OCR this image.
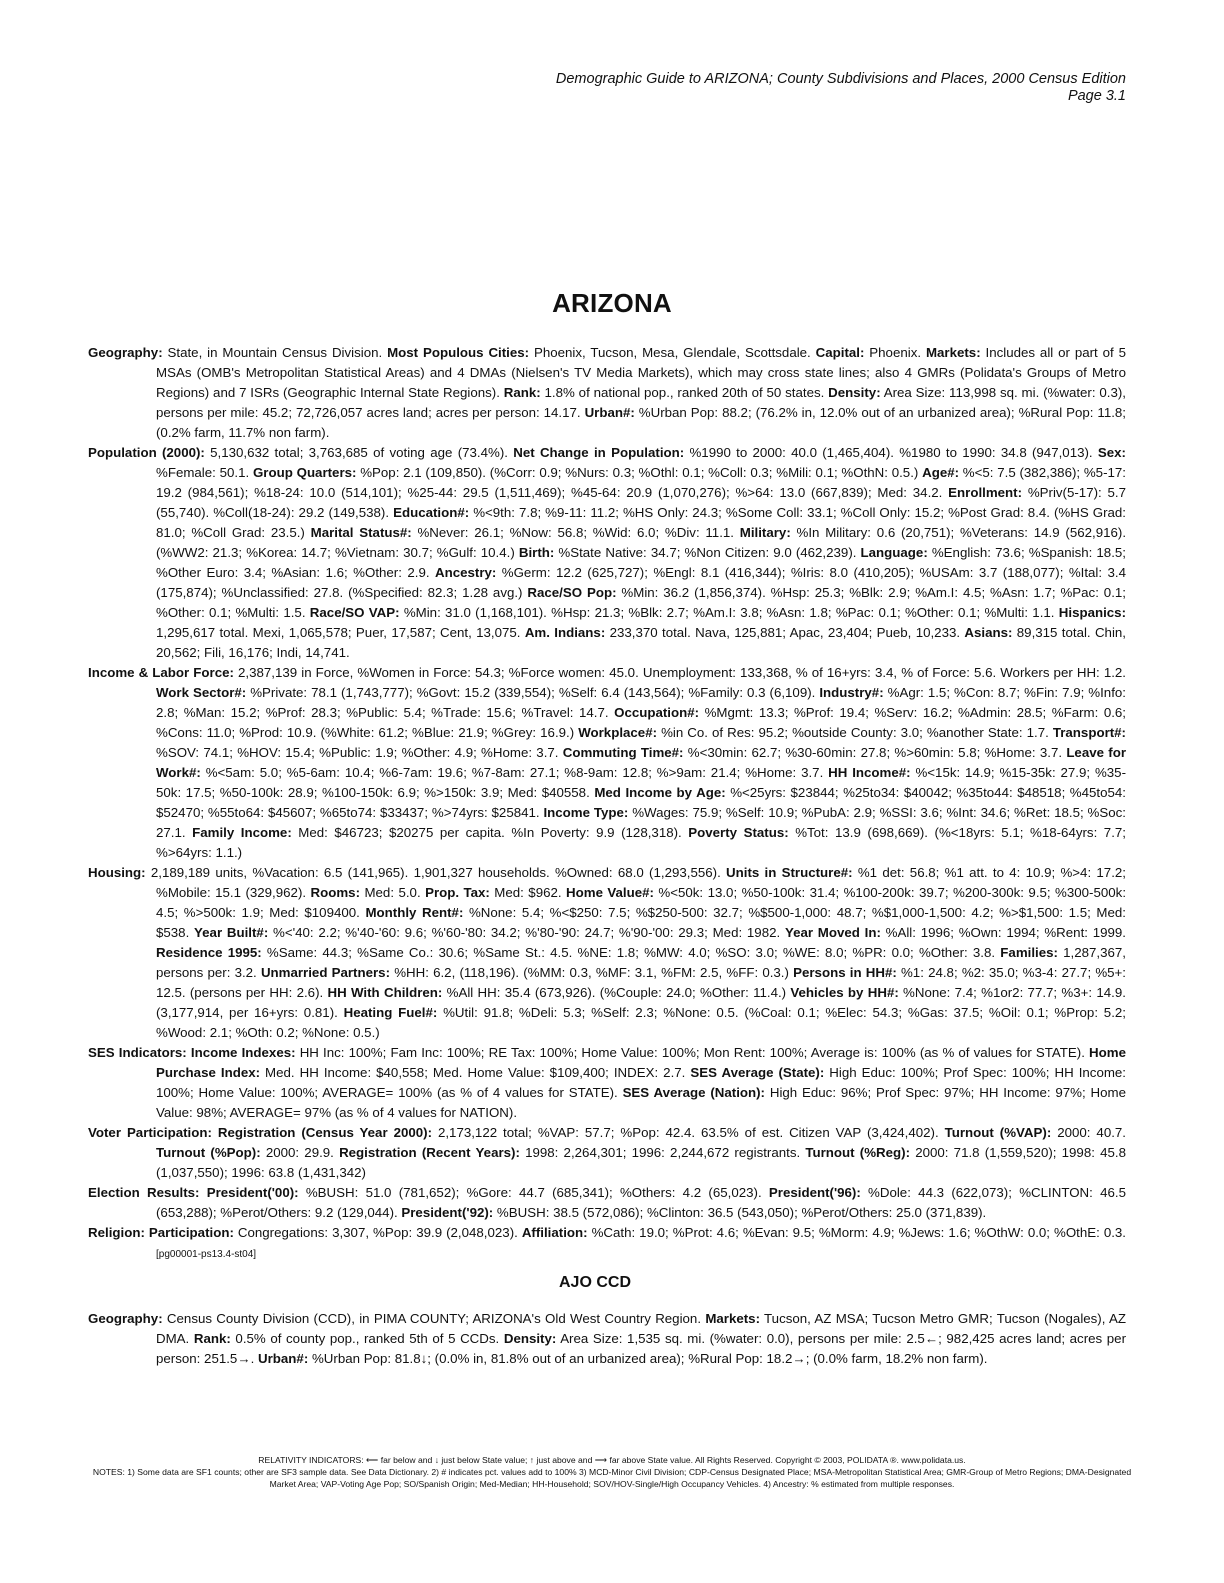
Demographic Guide to ARIZONA; County Subdivisions and Places, 2000 Census Edition
Page 3.1
ARIZONA

Geography: State, in Mountain Census Division. Most Populous Cities: Phoenix, Tucson, Mesa, Glendale, Scottsdale. Capital: Phoenix. Markets: Includes all or part of 5 MSAs (OMB's Metropolitan Statistical Areas) and 4 DMAs (Nielsen's TV Media Markets), which may cross state lines; also 4 GMRs (Polidata's Groups of Metro Regions) and 7 ISRs (Geographic Internal State Regions). Rank: 1.8% of national pop., ranked 20th of 50 states. Density: Area Size: 113,998 sq. mi. (%water: 0.3), persons per mile: 45.2; 72,726,057 acres land; acres per person: 14.17. Urban#: %Urban Pop: 88.2; (76.2% in, 12.0% out of an urbanized area); %Rural Pop: 11.8; (0.2% farm, 11.7% non farm).

Population (2000): 5,130,632 total; 3,763,685 of voting age (73.4%). Net Change in Population: %1990 to 2000: 40.0 (1,465,404). %1980 to 1990: 34.8 (947,013). Sex: %Female: 50.1. Group Quarters: %Pop: 2.1 (109,850). (%Corr: 0.9; %Nurs: 0.3; %Othl: 0.1; %Coll: 0.3; %Mili: 0.1; %OthN: 0.5.) Age#: %<5: 7.5 (382,386); %5-17: 19.2 (984,561); %18-24: 10.0 (514,101); %25-44: 29.5 (1,511,469); %45-64: 20.9 (1,070,276); %>64: 13.0 (667,839); Med: 34.2. Enrollment: %Priv(5-17): 5.7 (55,740). %Coll(18-24): 29.2 (149,538). Education#: %<9th: 7.8; %9-11: 11.2; %HS Only: 24.3; %Some Coll: 33.1; %Coll Only: 15.2; %Post Grad: 8.4. (%HS Grad: 81.0; %Coll Grad: 23.5.) Marital Status#: %Never: 26.1; %Now: 56.8; %Wid: 6.0; %Div: 11.1. Military: %In Military: 0.6 (20,751); %Veterans: 14.9 (562,916). (%WW2: 21.3; %Korea: 14.7; %Vietnam: 30.7; %Gulf: 10.4.) Birth: %State Native: 34.7; %Non Citizen: 9.0 (462,239). Language: %English: 73.6; %Spanish: 18.5; %Other Euro: 3.4; %Asian: 1.6; %Other: 2.9. Ancestry: %Germ: 12.2 (625,727); %Engl: 8.1 (416,344); %Iris: 8.0 (410,205); %USAm: 3.7 (188,077); %Ital: 3.4 (175,874); %Unclassified: 27.8. (%Specified: 82.3; 1.28 avg.) Race/SO Pop: %Min: 36.2 (1,856,374). %Hsp: 25.3; %Blk: 2.9; %Am.I: 4.5; %Asn: 1.7; %Pac: 0.1; %Other: 0.1; %Multi: 1.5. Race/SO VAP: %Min: 31.0 (1,168,101). %Hsp: 21.3; %Blk: 2.7; %Am.I: 3.8; %Asn: 1.8; %Pac: 0.1; %Other: 0.1; %Multi: 1.1. Hispanics: 1,295,617 total. Mexi, 1,065,578; Puer, 17,587; Cent, 13,075. Am. Indians: 233,370 total. Nava, 125,881; Apac, 23,404; Pueb, 10,233. Asians: 89,315 total. Chin, 20,562; Fili, 16,176; Indi, 14,741.

Income & Labor Force: 2,387,139 in Force, %Women in Force: 54.3; %Force women: 45.0. Unemployment: 133,368, % of 16+yrs: 3.4, % of Force: 5.6. Workers per HH: 1.2. Work Sector#: %Private: 78.1 (1,743,777); %Govt: 15.2 (339,554); %Self: 6.4 (143,564); %Family: 0.3 (6,109). Industry#: %Agr: 1.5; %Con: 8.7; %Fin: 7.9; %Info: 2.8; %Man: 15.2; %Prof: 28.3; %Public: 5.4; %Trade: 15.6; %Travel: 14.7. Occupation#: %Mgmt: 13.3; %Prof: 19.4; %Serv: 16.2; %Admin: 28.5; %Farm: 0.6; %Cons: 11.0; %Prod: 10.9. (%White: 61.2; %Blue: 21.9; %Grey: 16.9.) Workplace#: %in Co. of Res: 95.2; %outside County: 3.0; %another State: 1.7. Transport#: %SOV: 74.1; %HOV: 15.4; %Public: 1.9; %Other: 4.9; %Home: 3.7. Commuting Time#: %<30min: 62.7; %30-60min: 27.8; %>60min: 5.8; %Home: 3.7. Leave for Work#: %<5am: 5.0; %5-6am: 10.4; %6-7am: 19.6; %7-8am: 27.1; %8-9am: 12.8; %>9am: 21.4; %Home: 3.7. HH Income#: %<15k: 14.9; %15-35k: 27.9; %35-50k: 17.5; %50-100k: 28.9; %100-150k: 6.9; %>150k: 3.9; Med: $40558. Med Income by Age: %<25yrs: $23844; %25to34: $40042; %35to44: $48518; %45to54: $52470; %55to64: $45607; %65to74: $33437; %>74yrs: $25841. Income Type: %Wages: 75.9; %Self: 10.9; %PubA: 2.9; %SSI: 3.6; %Int: 34.6; %Ret: 18.5; %Soc: 27.1. Family Income: Med: $46723; $20275 per capita. %In Poverty: 9.9 (128,318). Poverty Status: %Tot: 13.9 (698,669). (%<18yrs: 5.1; %18-64yrs: 7.7; %>64yrs: 1.1.)

Housing: 2,189,189 units, %Vacation: 6.5 (141,965). 1,901,327 households. %Owned: 68.0 (1,293,556). Units in Structure#: %1 det: 56.8; %1 att. to 4: 10.9; %>4: 17.2; %Mobile: 15.1 (329,962). Rooms: Med: 5.0. Prop. Tax: Med: $962. Home Value#: %<50k: 13.0; %50-100k: 31.4; %100-200k: 39.7; %200-300k: 9.5; %300-500k: 4.5; %>500k: 1.9; Med: $109400. Monthly Rent#: %None: 5.4; %<$250: 7.5; %$250-500: 32.7; %$500-1,000: 48.7; %$1,000-1,500: 4.2; %>$1,500: 1.5; Med: $538. Year Built#: %<'40: 2.2; %'40-'60: 9.6; %'60-'80: 34.2; %'80-'90: 24.7; %'90-'00: 29.3; Med: 1982. Year Moved In: %All: 1996; %Own: 1994; %Rent: 1999. Residence 1995: %Same: 44.3; %Same Co.: 30.6; %Same St.: 4.5. %NE: 1.8; %MW: 4.0; %SO: 3.0; %WE: 8.0; %PR: 0.0; %Other: 3.8. Families: 1,287,367, persons per: 3.2. Unmarried Partners: %HH: 6.2, (118,196). (%MM: 0.3, %MF: 3.1, %FM: 2.5, %FF: 0.3.) Persons in HH#: %1: 24.8; %2: 35.0; %3-4: 27.7; %5+: 12.5. (persons per HH: 2.6). HH With Children: %All HH: 35.4 (673,926). (%Couple: 24.0; %Other: 11.4.) Vehicles by HH#: %None: 7.4; %1or2: 77.7; %3+: 14.9. (3,177,914, per 16+yrs: 0.81). Heating Fuel#: %Util: 91.8; %Deli: 5.3; %Self: 2.3; %None: 0.5. (%Coal: 0.1; %Elec: 54.3; %Gas: 37.5; %Oil: 0.1; %Prop: 5.2; %Wood: 2.1; %Oth: 0.2; %None: 0.5.)

SES Indicators: Income Indexes: HH Inc: 100%; Fam Inc: 100%; RE Tax: 100%; Home Value: 100%; Mon Rent: 100%; Average is: 100% (as % of values for STATE). Home Purchase Index: Med. HH Income: $40,558; Med. Home Value: $109,400; INDEX: 2.7. SES Average (State): High Educ: 100%; Prof Spec: 100%; HH Income: 100%; Home Value: 100%; AVERAGE= 100% (as % of 4 values for STATE). SES Average (Nation): High Educ: 96%; Prof Spec: 97%; HH Income: 97%; Home Value: 98%; AVERAGE= 97% (as % of 4 values for NATION).

Voter Participation: Registration (Census Year 2000): 2,173,122 total; %VAP: 57.7; %Pop: 42.4. 63.5% of est. Citizen VAP (3,424,402). Turnout (%VAP): 2000: 40.7. Turnout (%Pop): 2000: 29.9. Registration (Recent Years): 1998: 2,264,301; 1996: 2,244,672 registrants. Turnout (%Reg): 2000: 71.8 (1,559,520); 1998: 45.8 (1,037,550); 1996: 63.8 (1,431,342)

Election Results: President('00): %BUSH: 51.0 (781,652); %Gore: 44.7 (685,341); %Others: 4.2 (65,023). President('96): %Dole: 44.3 (622,073); %CLINTON: 46.5 (653,288); %Perot/Others: 9.2 (129,044). President('92): %BUSH: 38.5 (572,086); %Clinton: 36.5 (543,050); %Perot/Others: 25.0 (371,839).

Religion: Participation: Congregations: 3,307, %Pop: 39.9 (2,048,023). Affiliation: %Cath: 19.0; %Prot: 4.6; %Evan: 9.5; %Morm: 4.9; %Jews: 1.6; %OthW: 0.0; %OthE: 0.3. [pg00001-ps13.4-st04]

AJO CCD

Geography: Census County Division (CCD), in PIMA COUNTY; ARIZONA's Old West Country Region. Markets: Tucson, AZ MSA; Tucson Metro GMR; Tucson (Nogales), AZ DMA. Rank: 0.5% of county pop., ranked 5th of 5 CCDs. Density: Area Size: 1,535 sq. mi. (%water: 0.0), persons per mile: 2.5←; 982,425 acres land; acres per person: 251.5→. Urban#: %Urban Pop: 81.8↓; (0.0% in, 81.8% out of an urbanized area); %Rural Pop: 18.2→; (0.0% farm, 18.2% non farm).

RELATIVITY INDICATORS: ⟵ far below and ↓ just below State value; ↑ just above and ⟶ far above State value. All Rights Reserved. Copyright © 2003, POLIDATA ®. www.polidata.us.
NOTES: 1) Some data are SF1 counts; other are SF3 sample data. See Data Dictionary. 2) # indicates pct. values add to 100% 3) MCD-Minor Civil Division; CDP-Census Designated Place; MSA-Metropolitan Statistical Area; GMR-Group of Metro Regions; DMA-Designated Market Area; VAP-Voting Age Pop; SO/Spanish Origin; Med-Median; HH-Household; SOV/HOV-Single/High Occupancy Vehicles. 4) Ancestry: % estimated from multiple responses.
